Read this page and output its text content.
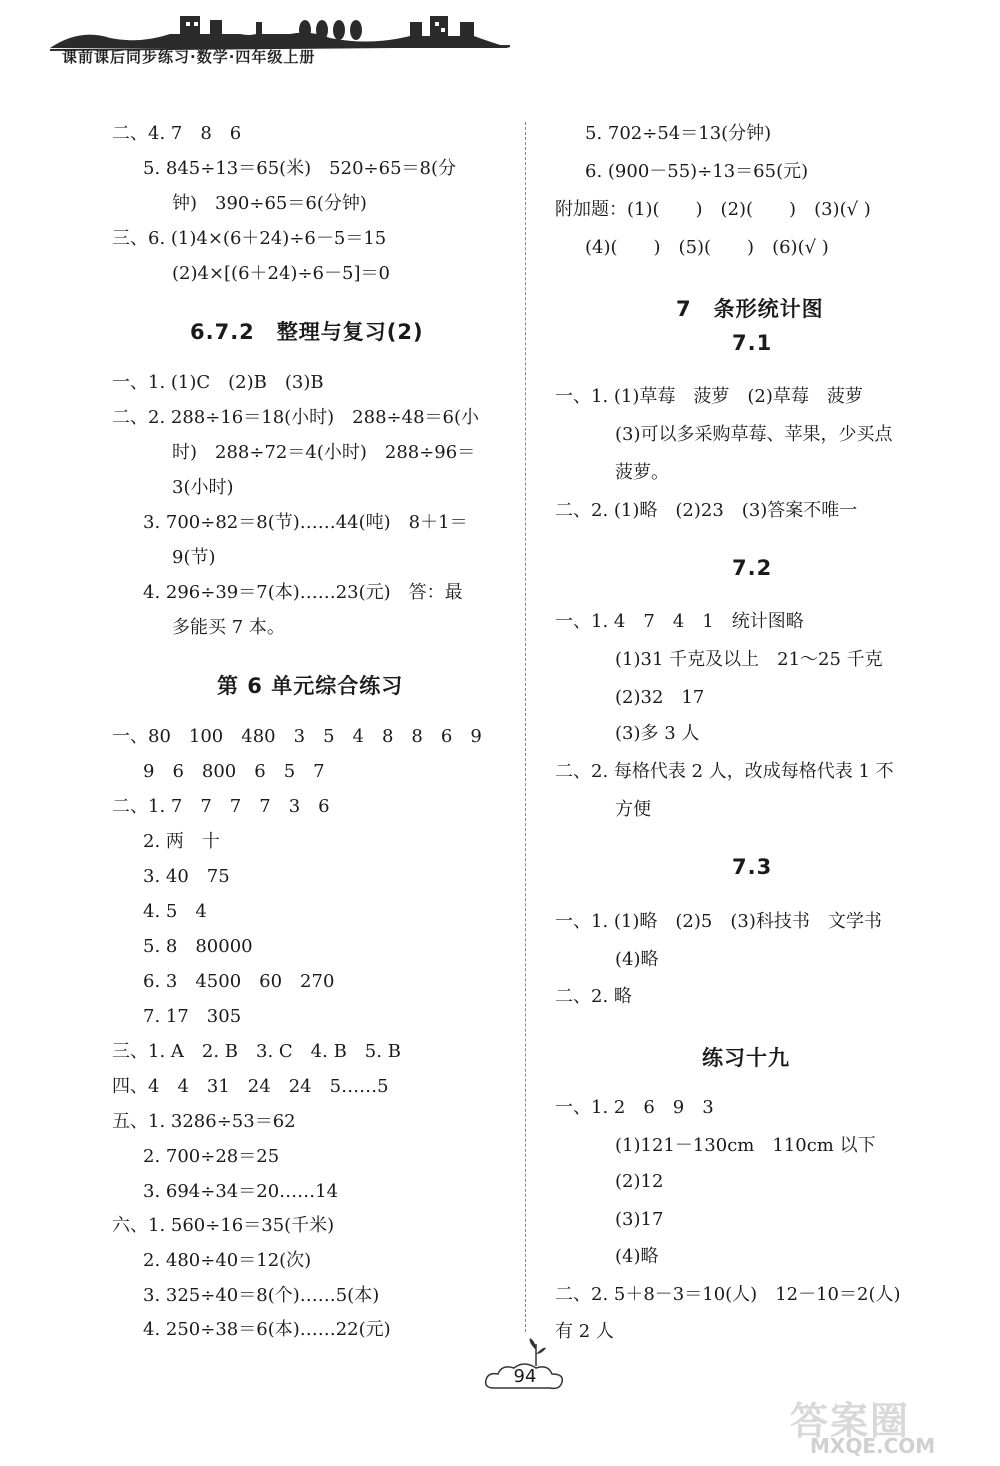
课前课后同步练习·数学·四年级上册
二、4. 7　8　6
5. 845÷13＝65(米)　520÷65＝8(分
钟)　390÷65＝6(分钟)
三、6. (1)4×(6＋24)÷6－5＝15
(2)4×[(6＋24)÷6－5]＝0
6.7.2　整理与复习(2)
一、1. (1)C　(2)B　(3)B
二、2. 288÷16＝18(小时)　288÷48＝6(小
时)　288÷72＝4(小时)　288÷96＝
3(小时)
3. 700÷82＝8(节)……44(吨)　8＋1＝
9(节)
4. 296÷39＝7(本)……23(元)　答：最
多能买 7 本。
第 6 单元综合练习
一、80　100　480　3　5　4　8　8　6　9
9　6　800　6　5　7
二、1. 7　7　7　7　3　6
2. 两　十
3. 40　75
4. 5　4
5. 8　80000
6. 3　4500　60　270
7. 17　305
三、1. A　2. B　3. C　4. B　5. B
四、4　4　31　24　24　5……5
五、1. 3286÷53＝62
2. 700÷28＝25
3. 694÷34＝20……14
六、1. 560÷16＝35(千米)
2. 480÷40＝12(次)
3. 325÷40＝8(个)……5(本)
4. 250÷38＝6(本)……22(元)
5. 702÷54＝13(分钟)
6. (900－55)÷13＝65(元)
附加题：(1)(　　)　(2)(　　)　(3)(√ )
(4)(　　)　(5)(　　)　(6)(√ )
7　条形统计图
7.1
一、1. (1)草莓　菠萝　(2)草莓　菠萝
(3)可以多采购草莓、苹果，少买点
菠萝。
二、2. (1)略　(2)23　(3)答案不唯一
7.2
一、1. 4　7　4　1　统计图略
(1)31 千克及以上　21～25 千克
(2)32　17
(3)多 3 人
二、2. 每格代表 2 人，改成每格代表 1 不
方便
7.3
一、1. (1)略　(2)5　(3)科技书　文学书
(4)略
二、2. 略
练习十九
一、1. 2　6　9　3
(1)121－130cm　110cm 以下
(2)12
(3)17
(4)略
二、2. 5＋8－3＝10(人)　12－10＝2(人)
有 2 人
94
答案圈
MXQE.COM
